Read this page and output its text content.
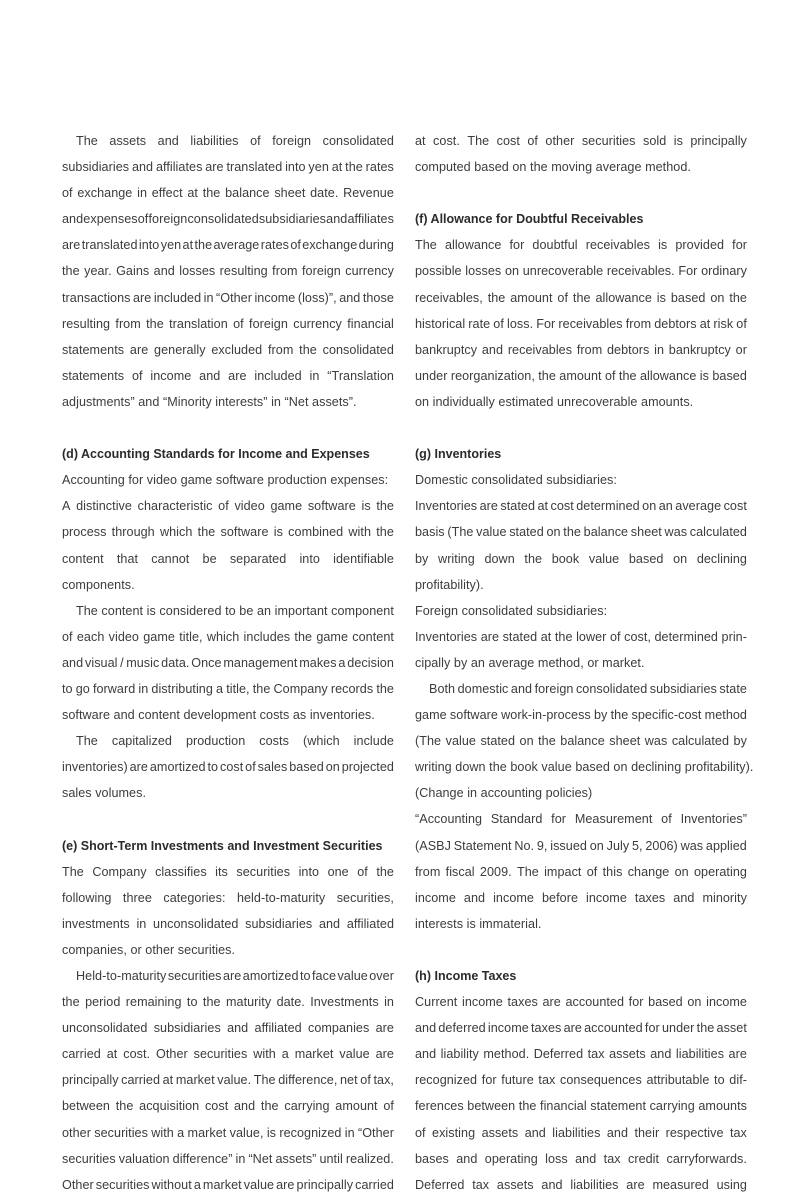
The assets and liabilities of foreign consolidated
subsidiaries and affiliates are translated into yen at the rates
of exchange in effect at the balance sheet date. Revenue
and expenses of foreign consolidated subsidiaries and affiliates
are translated into yen at the average rates of exchange during
the year. Gains and losses resulting from foreign currency
transactions are included in “Other income (loss)”, and those
resulting from the translation of foreign currency financial
statements are generally excluded from the consolidated
statements of income and are included in “Translation
adjustments” and “Minority interests” in “Net assets”.
(d) Accounting Standards for Income and Expenses
Accounting for video game software production expenses:
A distinctive characteristic of video game software is the
process through which the software is combined with the
content that cannot be separated into identifiable
components.
The content is considered to be an important component
of each video game title, which includes the game content
and visual / music data. Once management makes a decision
to go forward in distributing a title, the Company records the
software and content development costs as inventories.
The capitalized production costs (which include
inventories) are amortized to cost of sales based on projected
sales volumes.
(e) Short-Term Investments and Investment Securities
The Company classifies its securities into one of the
following three categories: held-to-maturity securities,
investments in unconsolidated subsidiaries and affiliated
companies, or other securities.
Held-to-maturity securities are amortized to face value over
the period remaining to the maturity date. Investments in
unconsolidated subsidiaries and affiliated companies are
carried at cost. Other securities with a market value are
principally carried at market value. The difference, net of tax,
between the acquisition cost and the carrying amount of
other securities with a market value, is recognized in “Other
securities valuation difference” in “Net assets” until realized.
Other securities without a market value are principally carried
at cost. The cost of other securities sold is principally
computed based on the moving average method.
(f) Allowance for Doubtful Receivables
The allowance for doubtful receivables is provided for
possible losses on unrecoverable receivables. For ordinary
receivables, the amount of the allowance is based on the
historical rate of loss. For receivables from debtors at risk of
bankruptcy and receivables from debtors in bankruptcy or
under reorganization, the amount of the allowance is based
on individually estimated unrecoverable amounts.
(g) Inventories
Domestic consolidated subsidiaries:
Inventories are stated at cost determined on an average cost
basis (The value stated on the balance sheet was calculated
by writing down the book value based on declining
profitability).
Foreign consolidated subsidiaries:
Inventories are stated at the lower of cost, determined prin-
cipally by an average method, or market.
Both domestic and foreign consolidated subsidiaries state
game software work-in-process by the specific-cost method
(The value stated on the balance sheet was calculated by
writing down the book value based on declining profitability).
(Change in accounting policies)
“Accounting Standard for Measurement of Inventories”
(ASBJ Statement No. 9, issued on July 5, 2006) was applied
from fiscal 2009. The impact of this change on operating
income and income before income taxes and minority
interests is immaterial.
(h) Income Taxes
Current income taxes are accounted for based on income
and deferred income taxes are accounted for under the asset
and liability method. Deferred tax assets and liabilities are
recognized for future tax consequences attributable to dif-
ferences between the financial statement carrying amounts
of existing assets and liabilities and their respective tax
bases and operating loss and tax credit carryforwards.
Deferred tax assets and liabilities are measured using
